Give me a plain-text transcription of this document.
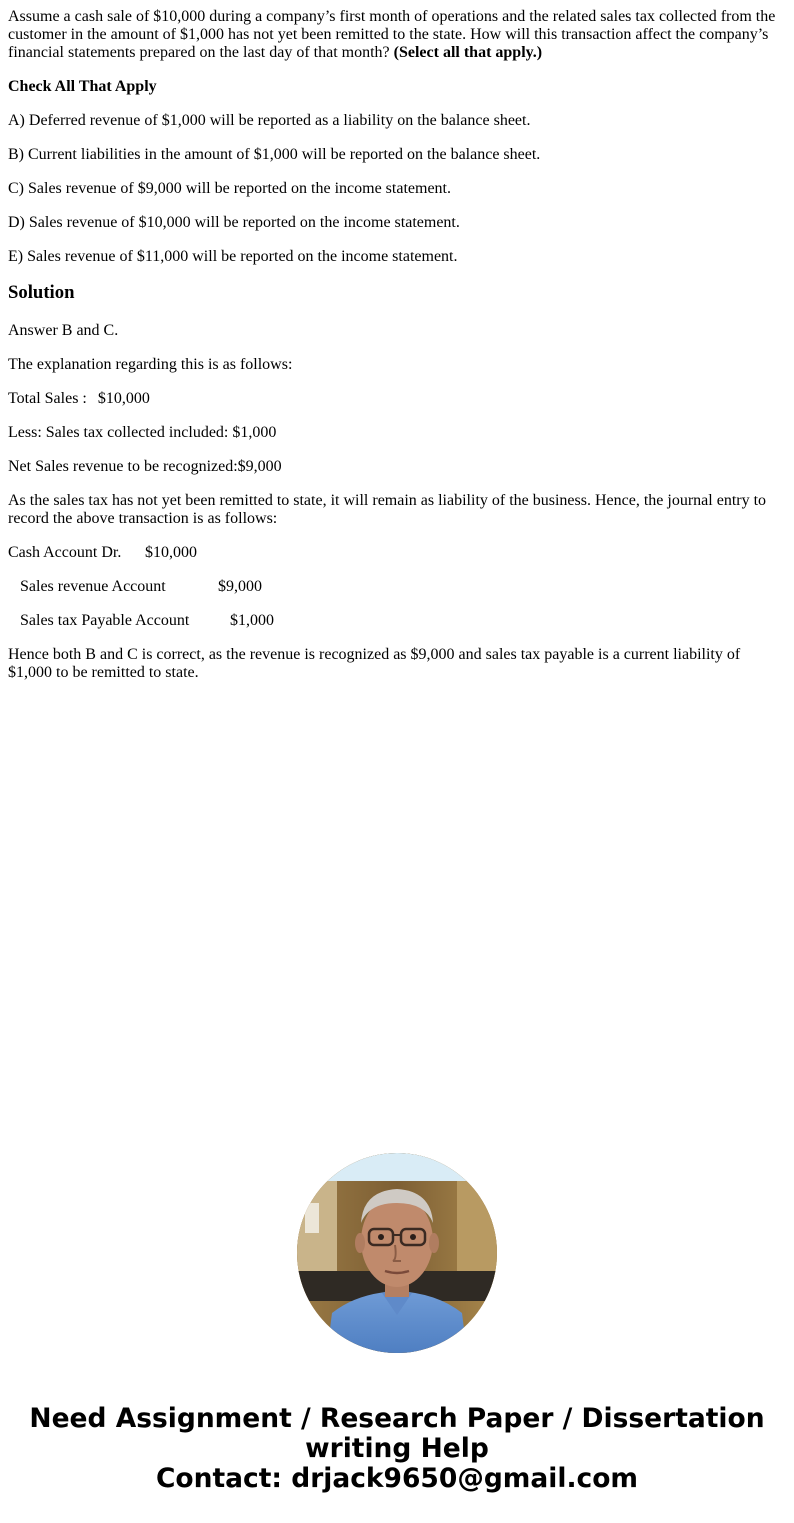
Assume a cash sale of $10,000 during a company’s first month of operations and the related sales tax collected from the customer in the amount of $1,000 has not yet been remitted to the state. How will this transaction affect the company’s financial statements prepared on the last day of that month? (Select all that apply.)

Check All That Apply

A) Deferred revenue of $1,000 will be reported as a liability on the balance sheet.

B) Current liabilities in the amount of $1,000 will be reported on the balance sheet.

C) Sales revenue of $9,000 will be reported on the income statement.

D) Sales revenue of $10,000 will be reported on the income statement.

E) Sales revenue of $11,000 will be reported on the income statement.

Solution

Answer B and C.

The explanation regarding this is as follows:

Total Sales : $10,000

Less: Sales tax collected included: $1,000

Net Sales revenue to be recognized:$9,000

As the sales tax has not yet been remitted to state, it will remain as liability of the business. Hence, the journal entry to record the above transaction is as follows:

Cash Account Dr. $10,000

Sales revenue Account	$9,000

Sales tax Payable Account	$1,000

Hence both B and C is correct, as the revenue is recognized as $9,000 and sales tax payable is a current liability of $1,000 to be remitted to state.

Need Assignment / Research Paper / Dissertation
writing Help
Contact: drjack9650@gmail.com
